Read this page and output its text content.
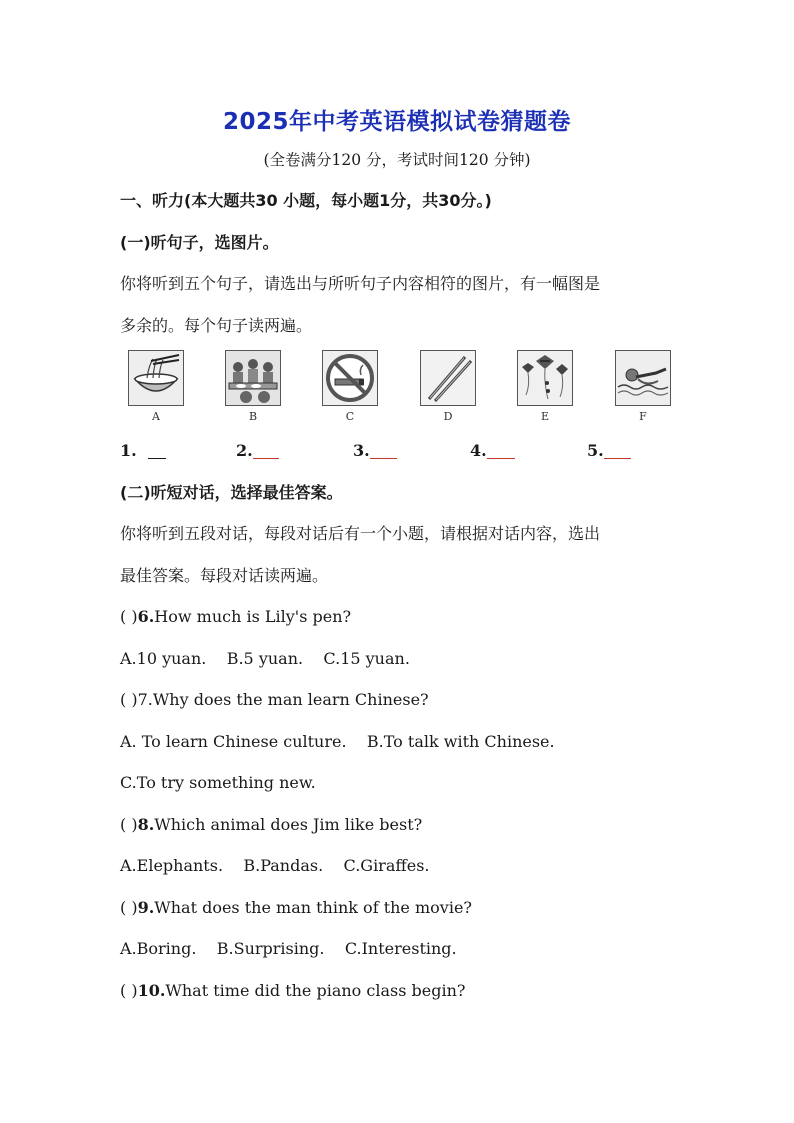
2025年中考英语模拟试卷猜题卷
(全卷满分120 分，考试时间120 分钟)
一、听力(本大题共30 小题，每小题1分，共30分。)
(一)听句子，选图片。
你将听到五个句子，请选出与所听句子内容相符的图片，有一幅图是
多余的。每个句子读两遍。
A	B	C	D	E	F
1.	2.	3.	4.	5.
(二)听短对话，选择最佳答案。
你将听到五段对话，每段对话后有一个小题，请根据对话内容，选出
最佳答案。每段对话读两遍。
( )6.How much is Lily's pen?
A.10 yuan.    B.5 yuan.    C.15 yuan.
( )7.Why does the man learn Chinese?
A. To learn Chinese culture.    B.To talk with Chinese.
C.To try something new.
( )8.Which animal does Jim like best?
A.Elephants.    B.Pandas.    C.Giraffes.
( )9.What does the man think of the movie?
A.Boring.    B.Surprising.    C.Interesting.
( )10.What time did the piano class begin?
